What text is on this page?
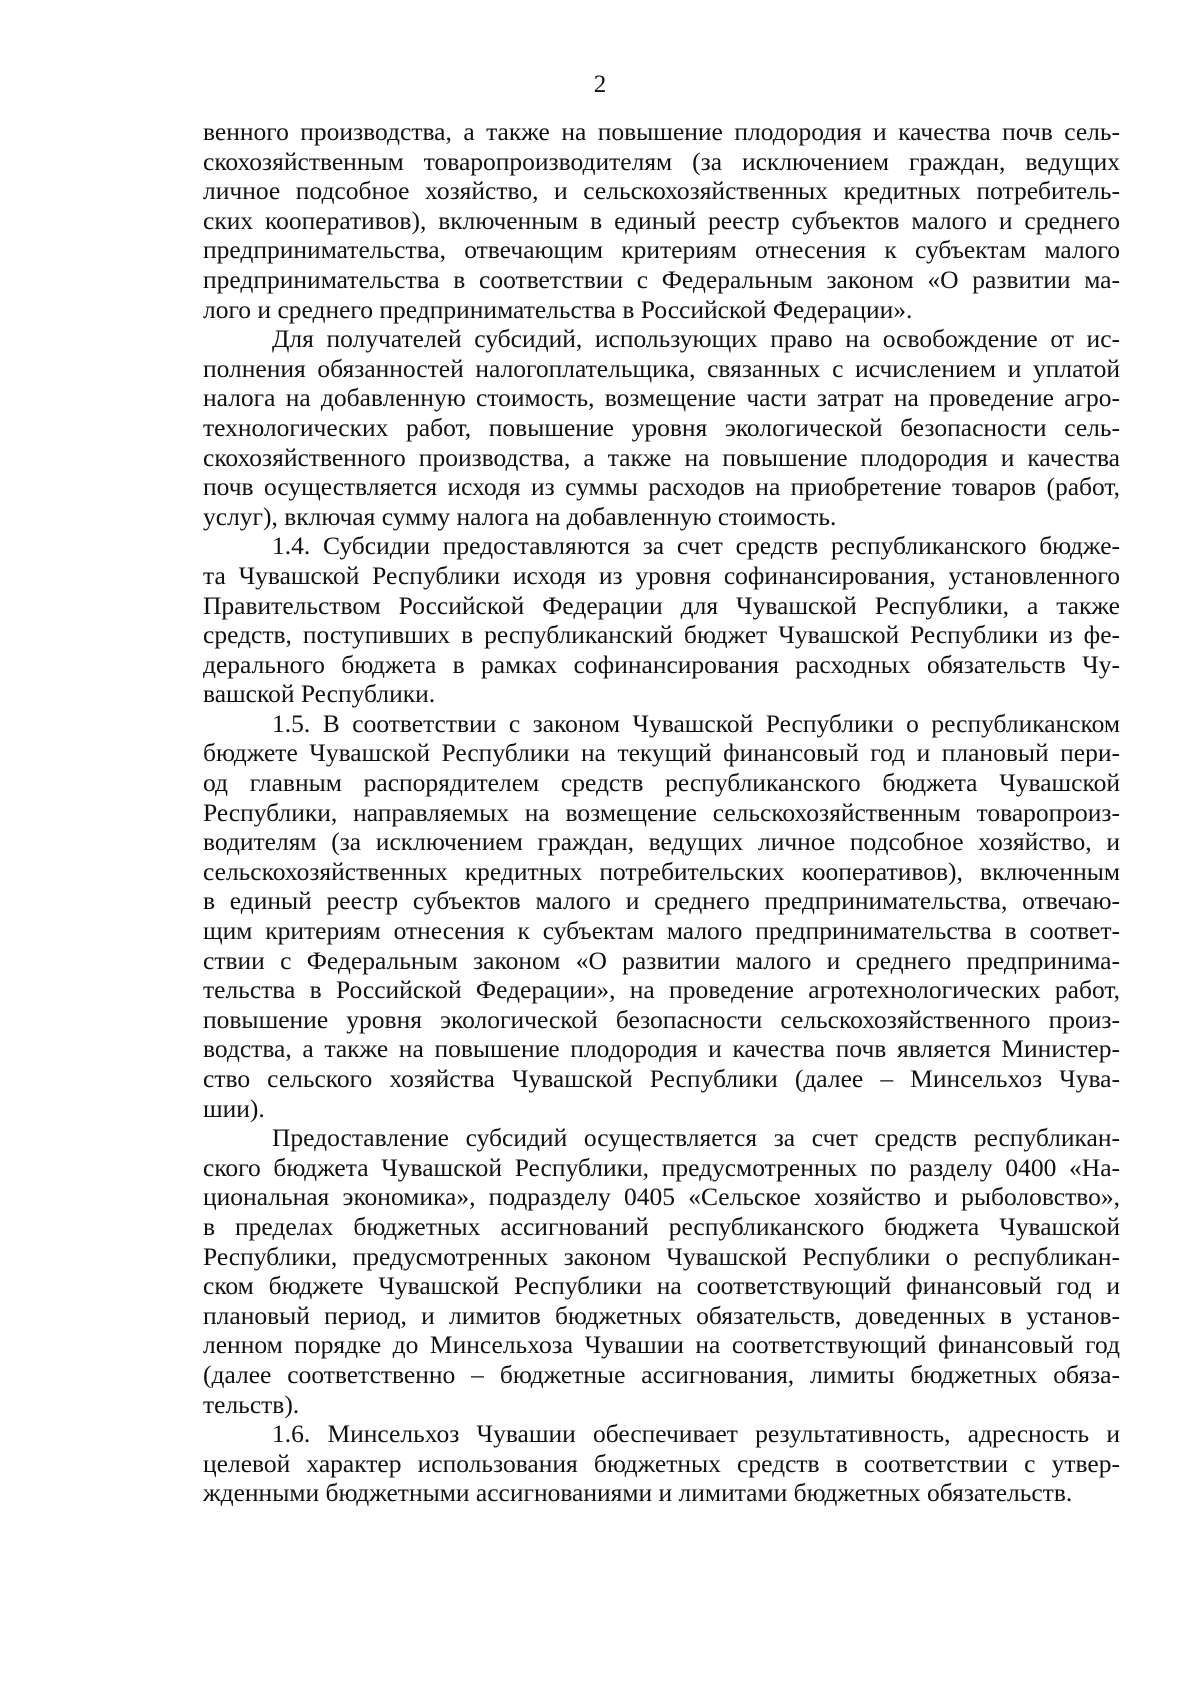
2
венного производства, а также на повышение плодородия и качества почв сель-
скохозяйственным товаропроизводителям (за исключением граждан, ведущих
личное подсобное хозяйство, и сельскохозяйственных кредитных потребитель-
ских кооперативов), включенным в единый реестр субъектов малого и среднего
предпринимательства, отвечающим критериям отнесения к субъектам малого
предпринимательства в соответствии с Федеральным законом «О развитии ма-
лого и среднего предпринимательства в Российской Федерации».
Для получателей субсидий, использующих право на освобождение от ис-
полнения обязанностей налогоплательщика, связанных с исчислением и уплатой
налога на добавленную стоимость, возмещение части затрат на проведение агро-
технологических работ, повышение уровня экологической безопасности сель-
скохозяйственного производства, а также на повышение плодородия и качества
почв осуществляется исходя из суммы расходов на приобретение товаров (работ,
услуг), включая сумму налога на добавленную стоимость.
1.4. Субсидии предоставляются за счет средств республиканского бюдже-
та Чувашской Республики исходя из уровня софинансирования, установленного
Правительством Российской Федерации для Чувашской Республики, а также
средств, поступивших в республиканский бюджет Чувашской Республики из фе-
дерального бюджета в рамках софинансирования расходных обязательств Чу-
вашской Республики.
1.5. В соответствии с законом Чувашской Республики о республиканском
бюджете Чувашской Республики на текущий финансовый год и плановый пери-
од главным распорядителем средств республиканского бюджета Чувашской
Республики, направляемых на возмещение сельскохозяйственным товаропроиз-
водителям (за исключением граждан, ведущих личное подсобное хозяйство, и
сельскохозяйственных кредитных потребительских кооперативов), включенным
в единый реестр субъектов малого и среднего предпринимательства, отвечаю-
щим критериям отнесения к субъектам малого предпринимательства в соответ-
ствии с Федеральным законом «О развитии малого и среднего предпринима-
тельства в Российской Федерации», на проведение агротехнологических работ,
повышение уровня экологической безопасности сельскохозяйственного произ-
водства, а также на повышение плодородия и качества почв является Министер-
ство сельского хозяйства Чувашской Республики (далее – Минсельхоз Чува-
шии).
Предоставление субсидий осуществляется за счет средств республикан-
ского бюджета Чувашской Республики, предусмотренных по разделу 0400 «На-
циональная экономика», подразделу 0405 «Сельское хозяйство и рыболовство»,
в пределах бюджетных ассигнований республиканского бюджета Чувашской
Республики, предусмотренных законом Чувашской Республики о республикан-
ском бюджете Чувашской Республики на соответствующий финансовый год и
плановый период, и лимитов бюджетных обязательств, доведенных в установ-
ленном порядке до Минсельхоза Чувашии на соответствующий финансовый год
(далее соответственно – бюджетные ассигнования, лимиты бюджетных обяза-
тельств).
1.6. Минсельхоз Чувашии обеспечивает результативность, адресность и
целевой характер использования бюджетных средств в соответствии с утвер-
жденными бюджетными ассигнованиями и лимитами бюджетных обязательств.
